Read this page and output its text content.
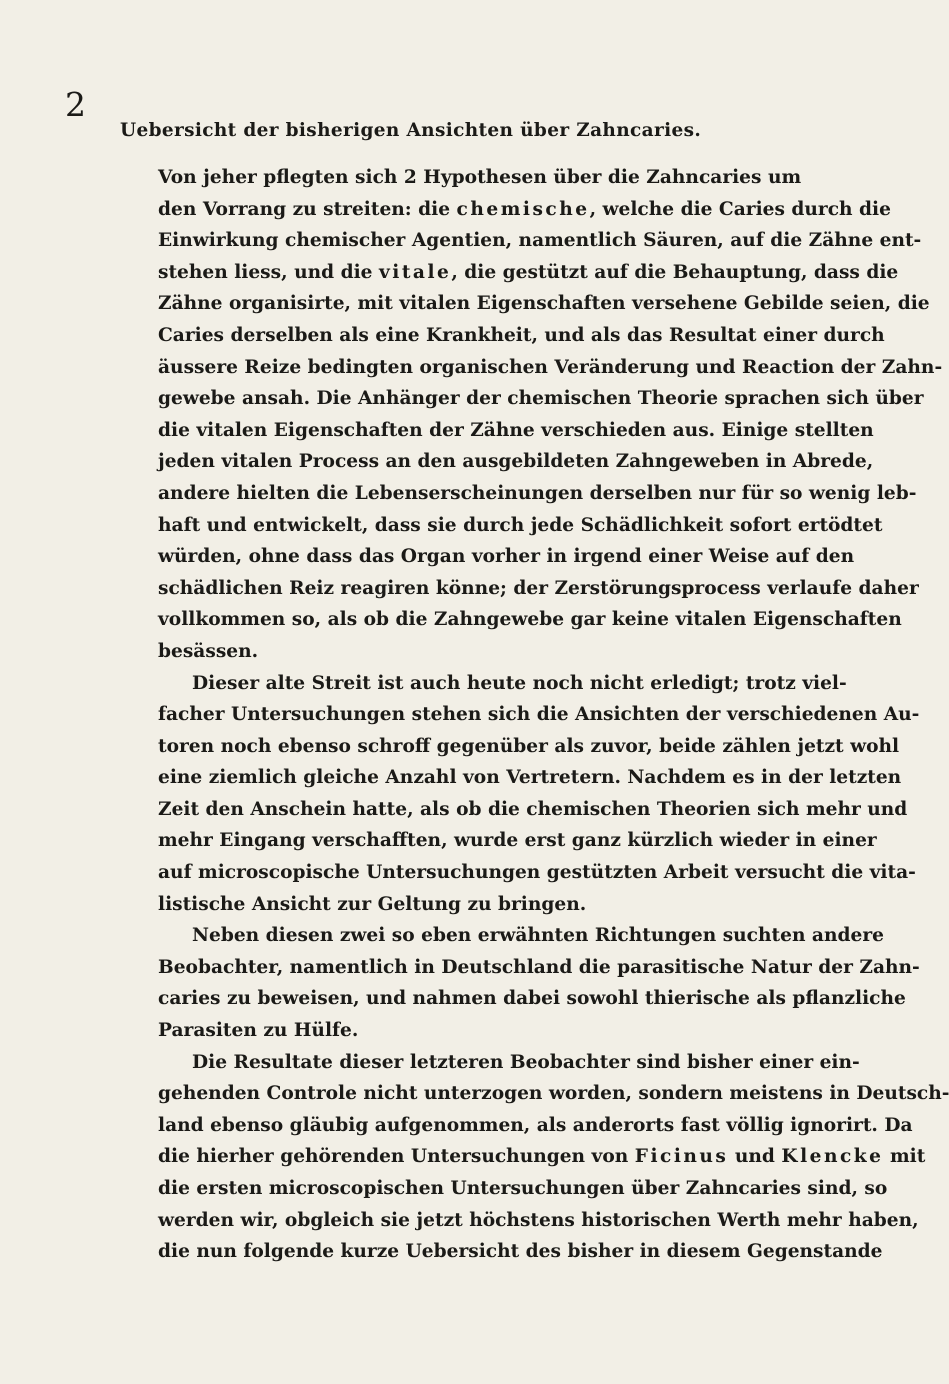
2
Uebersicht der bisherigen Ansichten über Zahncaries.
Von jeher pflegten sich 2 Hypothesen über die Zahncaries um
den Vorrang zu streiten: die chemische, welche die Caries durch die
Einwirkung chemischer Agentien, namentlich Säuren, auf die Zähne ent-
stehen liess, und die vitale, die gestützt auf die Behauptung, dass die
Zähne organisirte, mit vitalen Eigenschaften versehene Gebilde seien, die
Caries derselben als eine Krankheit, und als das Resultat einer durch
äussere Reize bedingten organischen Veränderung und Reaction der Zahn-
gewebe ansah. Die Anhänger der chemischen Theorie sprachen sich über
die vitalen Eigenschaften der Zähne verschieden aus. Einige stellten
jeden vitalen Process an den ausgebildeten Zahngeweben in Abrede,
andere hielten die Lebenserscheinungen derselben nur für so wenig leb-
haft und entwickelt, dass sie durch jede Schädlichkeit sofort ertödtet
würden, ohne dass das Organ vorher in irgend einer Weise auf den
schädlichen Reiz reagiren könne; der Zerstörungsprocess verlaufe daher
vollkommen so, als ob die Zahngewebe gar keine vitalen Eigenschaften
besässen.
Dieser alte Streit ist auch heute noch nicht erledigt; trotz viel-
facher Untersuchungen stehen sich die Ansichten der verschiedenen Au-
toren noch ebenso schroff gegenüber als zuvor, beide zählen jetzt wohl
eine ziemlich gleiche Anzahl von Vertretern. Nachdem es in der letzten
Zeit den Anschein hatte, als ob die chemischen Theorien sich mehr und
mehr Eingang verschafften, wurde erst ganz kürzlich wieder in einer
auf microscopische Untersuchungen gestützten Arbeit versucht die vita-
listische Ansicht zur Geltung zu bringen.
Neben diesen zwei so eben erwähnten Richtungen suchten andere
Beobachter, namentlich in Deutschland die parasitische Natur der Zahn-
caries zu beweisen, und nahmen dabei sowohl thierische als pflanzliche
Parasiten zu Hülfe.
Die Resultate dieser letzteren Beobachter sind bisher einer ein-
gehenden Controle nicht unterzogen worden, sondern meistens in Deutsch-
land ebenso gläubig aufgenommen, als anderorts fast völlig ignorirt. Da
die hierher gehörenden Untersuchungen von Ficinus und Klencke mit
die ersten microscopischen Untersuchungen über Zahncaries sind, so
werden wir, obgleich sie jetzt höchstens historischen Werth mehr haben,
die nun folgende kurze Uebersicht des bisher in diesem Gegenstande
